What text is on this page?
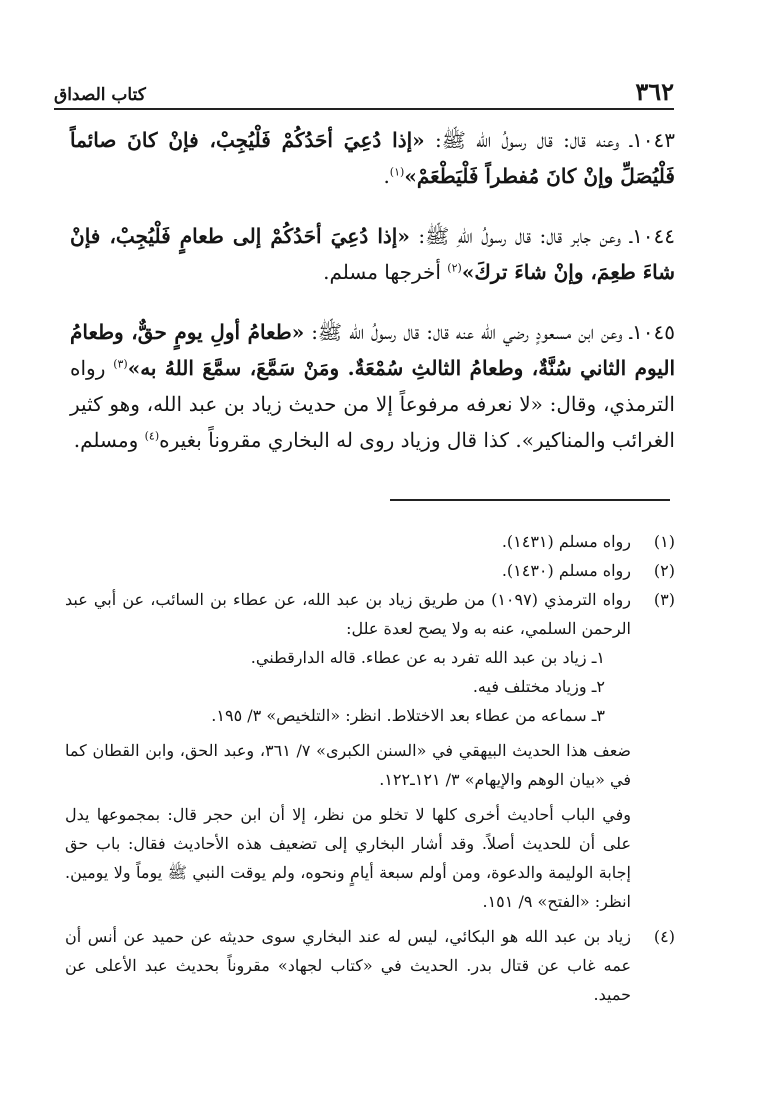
٣٦٢
كتاب الصداق

١٠٤٣ـ وعنه قال: قال رسولُ الله ﷺ: «إذا دُعِيَ أحَدُكُمْ فَلْيُجِبْ، فإنْ كانَ صائماً فَلْيُصَلِّ وإنْ كانَ مُفطراً فَلْيَطْعَمْ»$^{(١)}$.

١٠٤٤ـ وعن جابر قال: قال رسولُ اللهِ ﷺ: «إذا دُعِيَ أحَدُكُمْ إلى طعامٍ فَلْيُجِبْ، فإنْ شاءَ طعِمَ، وإنْ شاءَ تركَ»$^{(٢)}$ أخرجها مسلم.

١٠٤٥ـ وعن ابن مسعودٍ رضي الله عنه قال: قال رسولُ الله ﷺ: «طعامُ أولِ يومٍ حقٌّ، وطعامُ اليوم الثاني سُنَّةٌ، وطعامُ الثالثِ سُمْعَةٌ. ومَنْ سَمَّعَ، سمَّعَ اللهُ به»$^{(٣)}$ رواه الترمذي، وقال: «لا نعرفه مرفوعاً إلا من حديث زياد بن عبد الله، وهو كثير الغرائب والمناكير». كذا قال وزياد روى له البخاري مقروناً بغيره$^{(٤)}$ ومسلم.

(١)
رواه مسلم (١٤٣١).
(٢)
رواه مسلم (١٤٣٠).
(٣)
رواه الترمذي (١٠٩٧) من طريق زياد بن عبد الله، عن عطاء بن السائب، عن أبي عبد الرحمن السلمي، عنه به ولا يصح لعدة علل:
١ـ زياد بن عبد الله تفرد به عن عطاء. قاله الدارقطني.
٢ـ وزياد مختلف فيه.
٣ـ سماعه من عطاء بعد الاختلاط. انظر: «التلخيص» ٣/ ١٩٥.
ضعف هذا الحديث البيهقي في «السنن الكبرى» ٧/ ٣٦١، وعبد الحق، وابن القطان كما في «بيان الوهم والإيهام» ٣/ ١٢١ـ١٢٢.
وفي الباب أحاديث أخرى كلها لا تخلو من نظر، إلا أن ابن حجر قال: بمجموعها يدل على أن للحديث أصلاً. وقد أشار البخاري إلى تضعيف هذه الأحاديث فقال: باب حق إجابة الوليمة والدعوة، ومن أولم سبعة أيامٍ ونحوه، ولم يوقت النبي ﷺ يوماً ولا يومين. انظر: «الفتح» ٩/ ١٥١.
(٤)
زياد بن عبد الله هو البكائي، ليس له عند البخاري سوى حديثه عن حميد عن أنس أن عمه غاب عن قتال بدر. الحديث في «كتاب لجهاد» مقروناً بحديث عبد الأعلى عن حميد.
